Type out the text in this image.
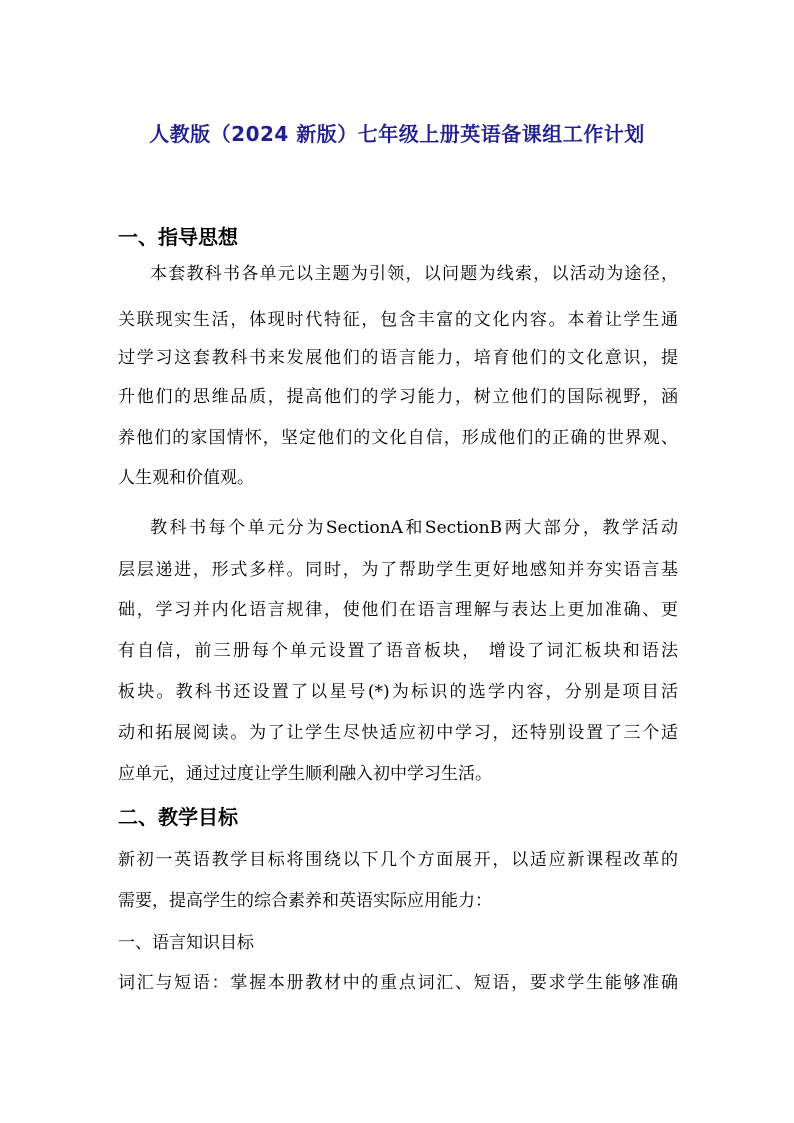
人教版（2024 新版）七年级上册英语备课组工作计划
一、指导思想
本套教科书各单元以主题为引领，以问题为线索，以活动为途径，
关联现实生活，体现时代特征，包含丰富的文化内容。本着让学生通
过学习这套教科书来发展他们的语言能力，培育他们的文化意识，提
升他们的思维品质，提高他们的学习能力，树立他们的国际视野，涵
养他们的家国情怀，坚定他们的文化自信，形成他们的正确的世界观、
人生观和价值观。
教科书每个单元分为SectionA和SectionB两大部分，教学活动
层层递进，形式多样。同时，为了帮助学生更好地感知并夯实语言基
础，学习并内化语言规律，使他们在语言理解与表达上更加准确、更
有自信，前三册每个单元设置了语音板块， 增设了词汇板块和语法
板块。教科书还设置了以星号(*)为标识的选学内容，分别是项目活
动和拓展阅读。为了让学生尽快适应初中学习，还特别设置了三个适
应单元，通过过度让学生顺利融入初中学习生活。
二、教学目标
新初一英语教学目标将围绕以下几个方面展开，以适应新课程改革的
需要，提高学生的综合素养和英语实际应用能力：
一、语言知识目标
词汇与短语：掌握本册教材中的重点词汇、短语，要求学生能够准确
